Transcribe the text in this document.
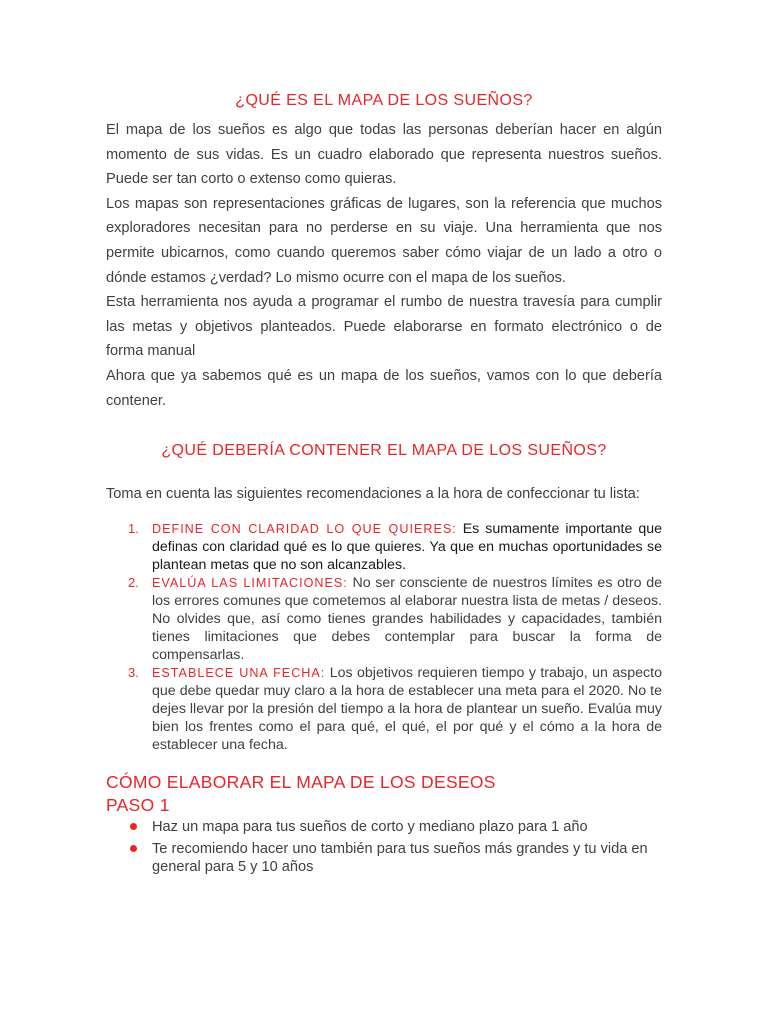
¿QUÉ ES EL MAPA DE LOS SUEÑOS?
El mapa de los sueños es algo que todas las personas deberían hacer en algún momento de sus vidas. Es un cuadro elaborado que representa nuestros sueños. Puede ser tan corto o extenso como quieras.
Los mapas son representaciones gráficas de lugares, son la referencia que muchos exploradores necesitan para no perderse en su viaje. Una herramienta que nos permite ubicarnos, como cuando queremos saber cómo viajar de un lado a otro o dónde estamos ¿verdad? Lo mismo ocurre con el mapa de los sueños.
Esta herramienta nos ayuda a programar el rumbo de nuestra travesía para cumplir las metas y objetivos planteados. Puede elaborarse en formato electrónico o de forma manual
Ahora que ya sabemos qué es un mapa de los sueños, vamos con lo que debería contener.
¿QUÉ DEBERÍA CONTENER EL MAPA DE LOS SUEÑOS?

Toma en cuenta las siguientes recomendaciones a la hora de confeccionar tu lista:

1. DEFINE CON CLARIDAD LO QUE QUIERES: Es sumamente importante que definas con claridad qué es lo que quieres. Ya que en muchas oportunidades se plantean metas que no son alcanzables.
2. EVALÚA LAS LIMITACIONES: No ser consciente de nuestros límites es otro de los errores comunes que cometemos al elaborar nuestra lista de metas / deseos. No olvides que, así como tienes grandes habilidades y capacidades, también tienes limitaciones que debes contemplar para buscar la forma de compensarlas.
3. ESTABLECE UNA FECHA: Los objetivos requieren tiempo y trabajo, un aspecto que debe quedar muy claro a la hora de establecer una meta para el 2020. No te dejes llevar por la presión del tiempo a la hora de plantear un sueño. Evalúa muy bien los frentes como el para qué, el qué, el por qué y el cómo a la hora de establecer una fecha.
CÓMO ELABORAR EL MAPA DE LOS DESEOS
PASO 1
Haz un mapa para tus sueños de corto y mediano plazo para 1 año
Te recomiendo hacer uno también para tus sueños más grandes y tu vida en general para 5 y 10 años
